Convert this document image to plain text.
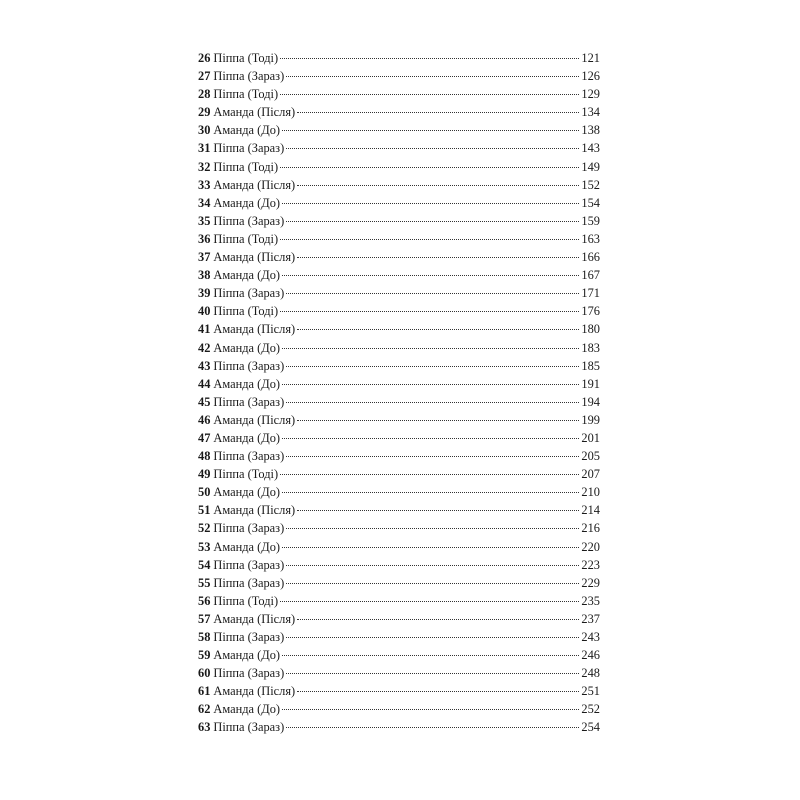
26 Піппа (Тоді)	121
27 Піппа (Зараз)	126
28 Піппа (Тоді)	129
29 Аманда (Після)	134
30 Аманда (До)	138
31 Піппа (Зараз)	143
32 Піппа (Тоді)	149
33 Аманда (Після)	152
34 Аманда (До)	154
35 Піппа (Зараз)	159
36 Піппа (Тоді)	163
37 Аманда (Після)	166
38 Аманда (До)	167
39 Піппа (Зараз)	171
40 Піппа (Тоді)	176
41 Аманда (Після)	180
42 Аманда (До)	183
43 Піппа (Зараз)	185
44 Аманда (До)	191
45 Піппа (Зараз)	194
46 Аманда (Після)	199
47 Аманда (До)	201
48 Піппа (Зараз)	205
49 Піппа (Тоді)	207
50 Аманда (До)	210
51 Аманда (Після)	214
52 Піппа (Зараз)	216
53 Аманда (До)	220
54 Піппа (Зараз)	223
55 Піппа (Зараз)	229
56 Піппа (Тоді)	235
57 Аманда (Після)	237
58 Піппа (Зараз)	243
59 Аманда (До)	246
60 Піппа (Зараз)	248
61 Аманда (Після)	251
62 Аманда (До)	252
63 Піппа (Зараз)	254
